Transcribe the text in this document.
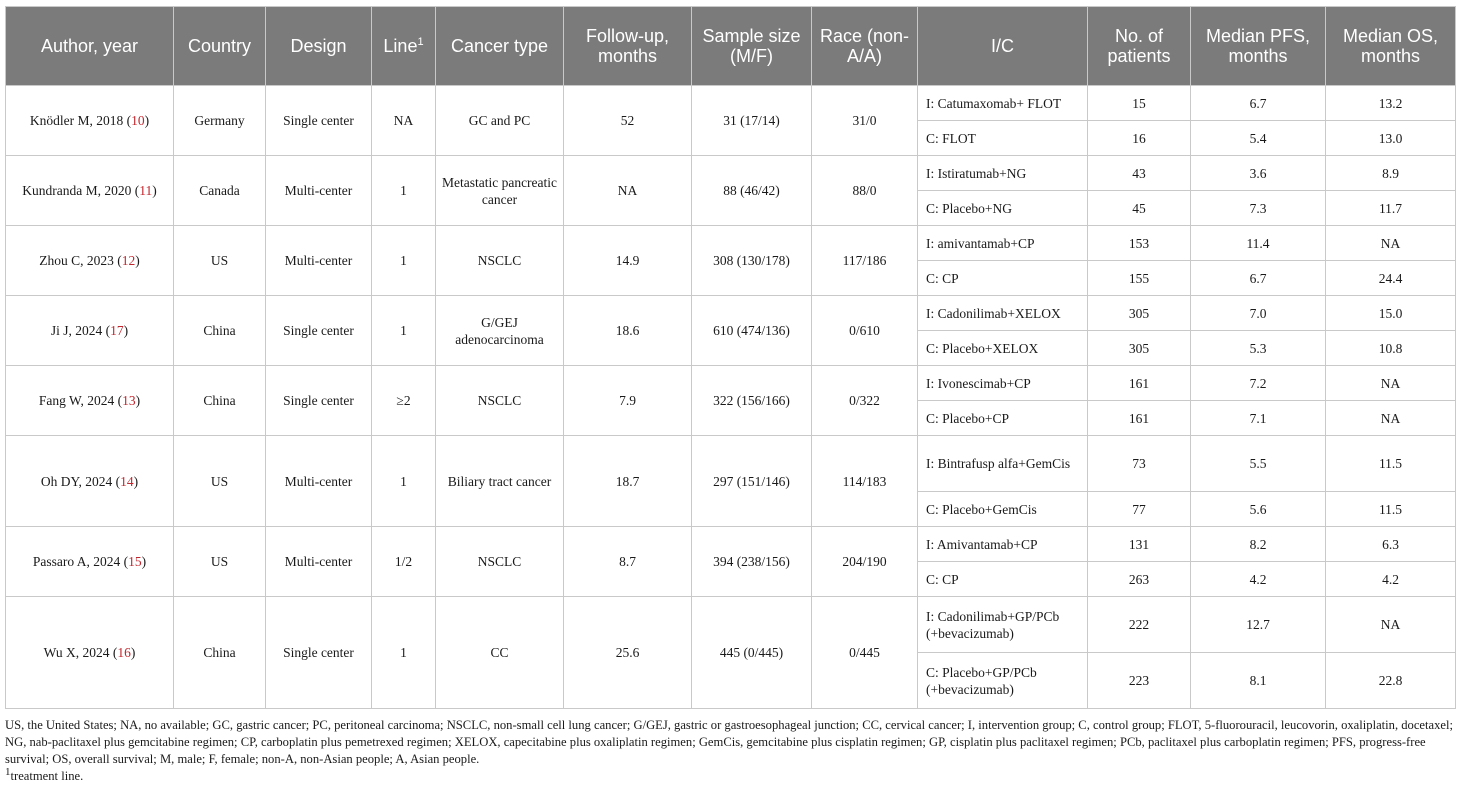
Author, year	Country	Design	Line$^1$	Cancer type	Follow-up, months	Sample size (M/F)	Race (non-A/A)	I/C	No. of patients	Median PFS, months	Median OS, months
Knödler M, 2018 (10)	Germany	Single center	NA	GC and PC	52	31 (17/14)	31/0	I: Catumaxomab+ FLOT	15	6.7	13.2
								C: FLOT	16	5.4	13.0
Kundranda M, 2020 (11)	Canada	Multi-center	1	Metastatic pancreatic cancer	NA	88 (46/42)	88/0	I: Istiratumab+NG	43	3.6	8.9
								C: Placebo+NG	45	7.3	11.7
Zhou C, 2023 (12)	US	Multi-center	1	NSCLC	14.9	308 (130/178)	117/186	I: amivantamab+CP	153	11.4	NA
								C: CP	155	6.7	24.4
Ji J, 2024 (17)	China	Single center	1	G/GEJ adenocarcinoma	18.6	610 (474/136)	0/610	I: Cadonilimab+XELOX	305	7.0	15.0
								C: Placebo+XELOX	305	5.3	10.8
Fang W, 2024 (13)	China	Single center	≥2	NSCLC	7.9	322 (156/166)	0/322	I: Ivonescimab+CP	161	7.2	NA
								C: Placebo+CP	161	7.1	NA
Oh DY, 2024 (14)	US	Multi-center	1	Biliary tract cancer	18.7	297 (151/146)	114/183	I: Bintrafusp alfa+GemCis	73	5.5	11.5
								C: Placebo+GemCis	77	5.6	11.5
Passaro A, 2024 (15)	US	Multi-center	1/2	NSCLC	8.7	394 (238/156)	204/190	I: Amivantamab+CP	131	8.2	6.3
								C: CP	263	4.2	4.2
Wu X, 2024 (16)	China	Single center	1	CC	25.6	445 (0/445)	0/445	I: Cadonilimab+GP/PCb (+bevacizumab)	222	12.7	NA
								C: Placebo+GP/PCb (+bevacizumab)	223	8.1	22.8

US, the United States; NA, no available; GC, gastric cancer; PC, peritoneal carcinoma; NSCLC, non-small cell lung cancer; G/GEJ, gastric or gastroesophageal junction; CC, cervical cancer; I, intervention group; C, control group; FLOT, 5-fluorouracil, leucovorin, oxaliplatin, docetaxel; NG, nab-paclitaxel plus gemcitabine regimen; CP, carboplatin plus pemetrexed regimen; XELOX, capecitabine plus oxaliplatin regimen; GemCis, gemcitabine plus cisplatin regimen; GP, cisplatin plus paclitaxel regimen; PCb, paclitaxel plus carboplatin regimen; PFS, progress-free survival; OS, overall survival; M, male; F, female; non-A, non-Asian people; A, Asian people.

$^1$treatment line.
